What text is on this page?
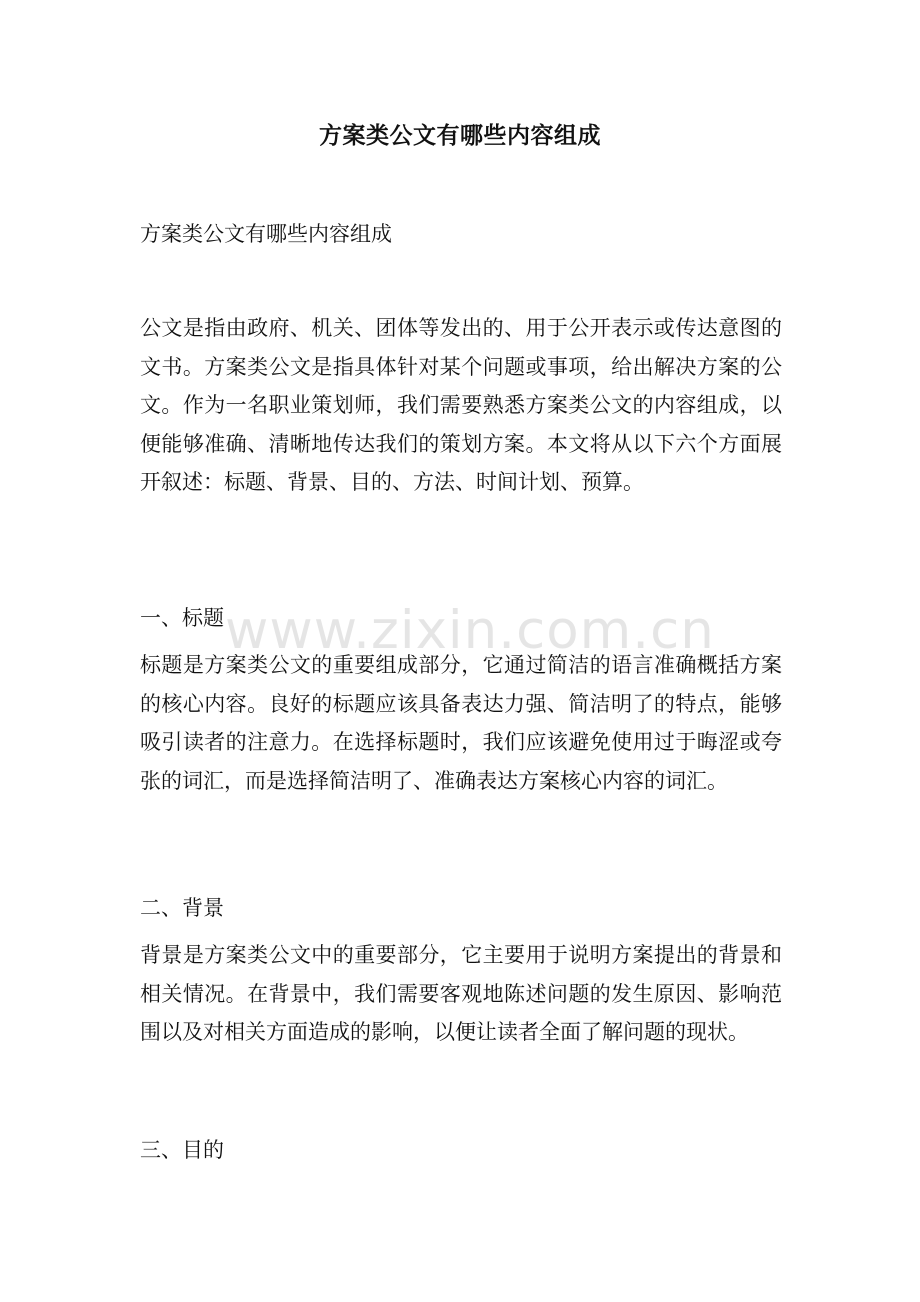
方案类公文有哪些内容组成
方案类公文有哪些内容组成

公文是指由政府、机关、团体等发出的、用于公开表示或传达意图的文书。方案类公文是指具体针对某个问题或事项，给出解决方案的公文。作为一名职业策划师，我们需要熟悉方案类公文的内容组成，以便能够准确、清晰地传达我们的策划方案。本文将从以下六个方面展开叙述：标题、背景、目的、方法、时间计划、预算。

一、标题

标题是方案类公文的重要组成部分，它通过简洁的语言准确概括方案的核心内容。良好的标题应该具备表达力强、简洁明了的特点，能够吸引读者的注意力。在选择标题时，我们应该避免使用过于晦涩或夸张的词汇，而是选择简洁明了、准确表达方案核心内容的词汇。

二、背景

背景是方案类公文中的重要部分，它主要用于说明方案提出的背景和相关情况。在背景中，我们需要客观地陈述问题的发生原因、影响范围以及对相关方面造成的影响，以便让读者全面了解问题的现状。

三、目的
www.zixin.com.cn
